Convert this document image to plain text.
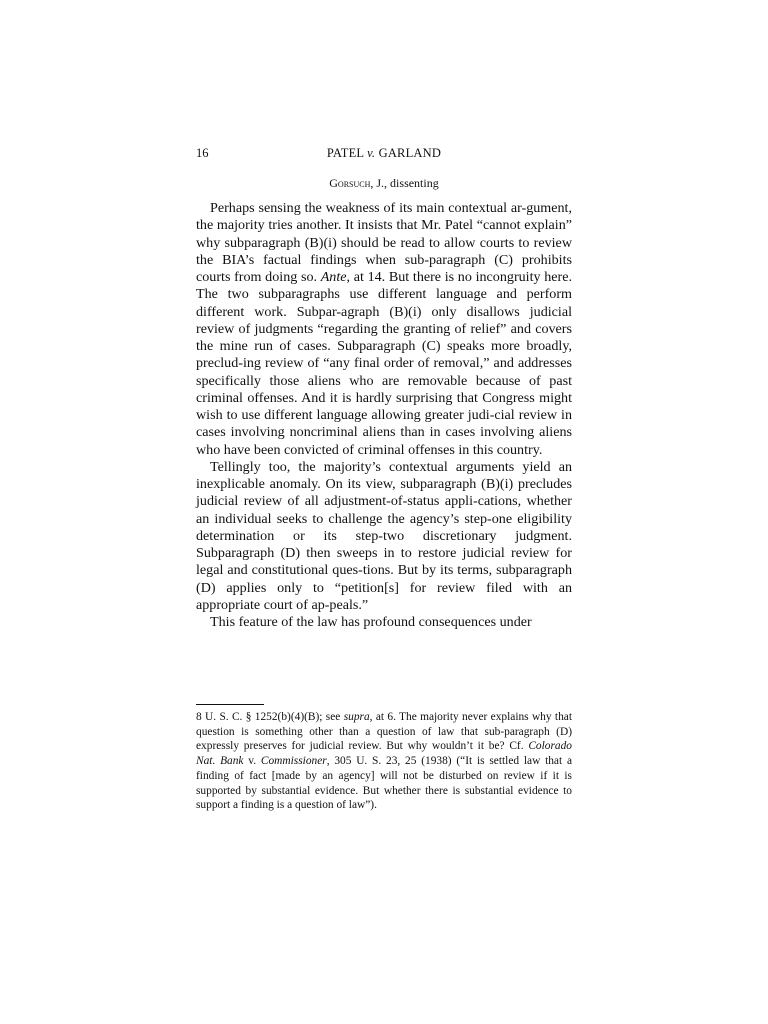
16	PATEL v. GARLAND
Gorsuch, J., dissenting

Perhaps sensing the weakness of its main contextual ar-gument, the majority tries another. It insists that Mr. Patel “cannot explain” why subparagraph (B)(i) should be read to allow courts to review the BIA’s factual findings when sub-paragraph (C) prohibits courts from doing so. Ante, at 14. But there is no incongruity here. The two subparagraphs use different language and perform different work. Subpar-agraph (B)(i) only disallows judicial review of judgments “regarding the granting of relief” and covers the mine run of cases. Subparagraph (C) speaks more broadly, preclud-ing review of “any final order of removal,” and addresses specifically those aliens who are removable because of past criminal offenses. And it is hardly surprising that Congress might wish to use different language allowing greater judi-cial review in cases involving noncriminal aliens than in cases involving aliens who have been convicted of criminal offenses in this country.

Tellingly too, the majority’s contextual arguments yield an inexplicable anomaly. On its view, subparagraph (B)(i) precludes judicial review of all adjustment-of-status appli-cations, whether an individual seeks to challenge the agency’s step-one eligibility determination or its step-two discretionary judgment. Subparagraph (D) then sweeps in to restore judicial review for legal and constitutional ques-tions. But by its terms, subparagraph (D) applies only to “petition[s] for review filed with an appropriate court of ap-peals.”

This feature of the law has profound consequences under

8 U. S. C. § 1252(b)(4)(B); see supra, at 6. The majority never explains why that question is something other than a question of law that sub-paragraph (D) expressly preserves for judicial review. But why wouldn’t it be? Cf. Colorado Nat. Bank v. Commissioner, 305 U. S. 23, 25 (1938) (“It is settled law that a finding of fact [made by an agency] will not be disturbed on review if it is supported by substantial evidence. But whether there is substantial evidence to support a finding is a question of law”).
